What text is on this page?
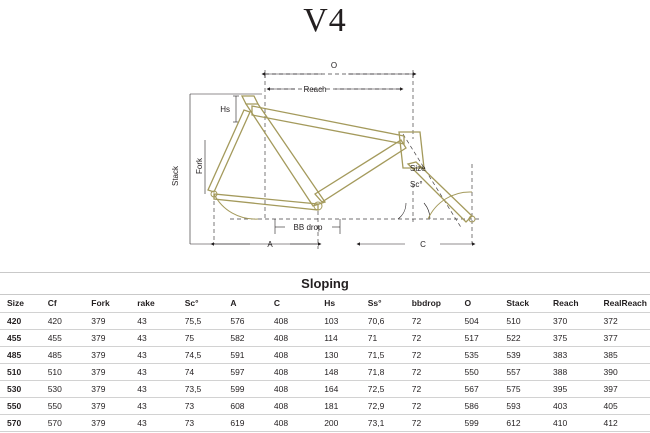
V4
O
Reach
Hs
Stack Fork
BB drop
A	C
Size
Sc°
Sloping
Size	Cf	Fork	rake	Sc°	A	C	Hs	Ss°	bbdrop	O	Stack	Reach	RealReach
420	420	379	43	75,5	576	408	103	70,6	72	504	510	370	372
455	455	379	43	75	582	408	114	71	72	517	522	375	377
485	485	379	43	74,5	591	408	130	71,5	72	535	539	383	385
510	510	379	43	74	597	408	148	71,8	72	550	557	388	390
530	530	379	43	73,5	599	408	164	72,5	72	567	575	395	397
550	550	379	43	73	608	408	181	72,9	72	586	593	403	405
570	570	379	43	73	619	408	200	73,1	72	599	612	410	412
